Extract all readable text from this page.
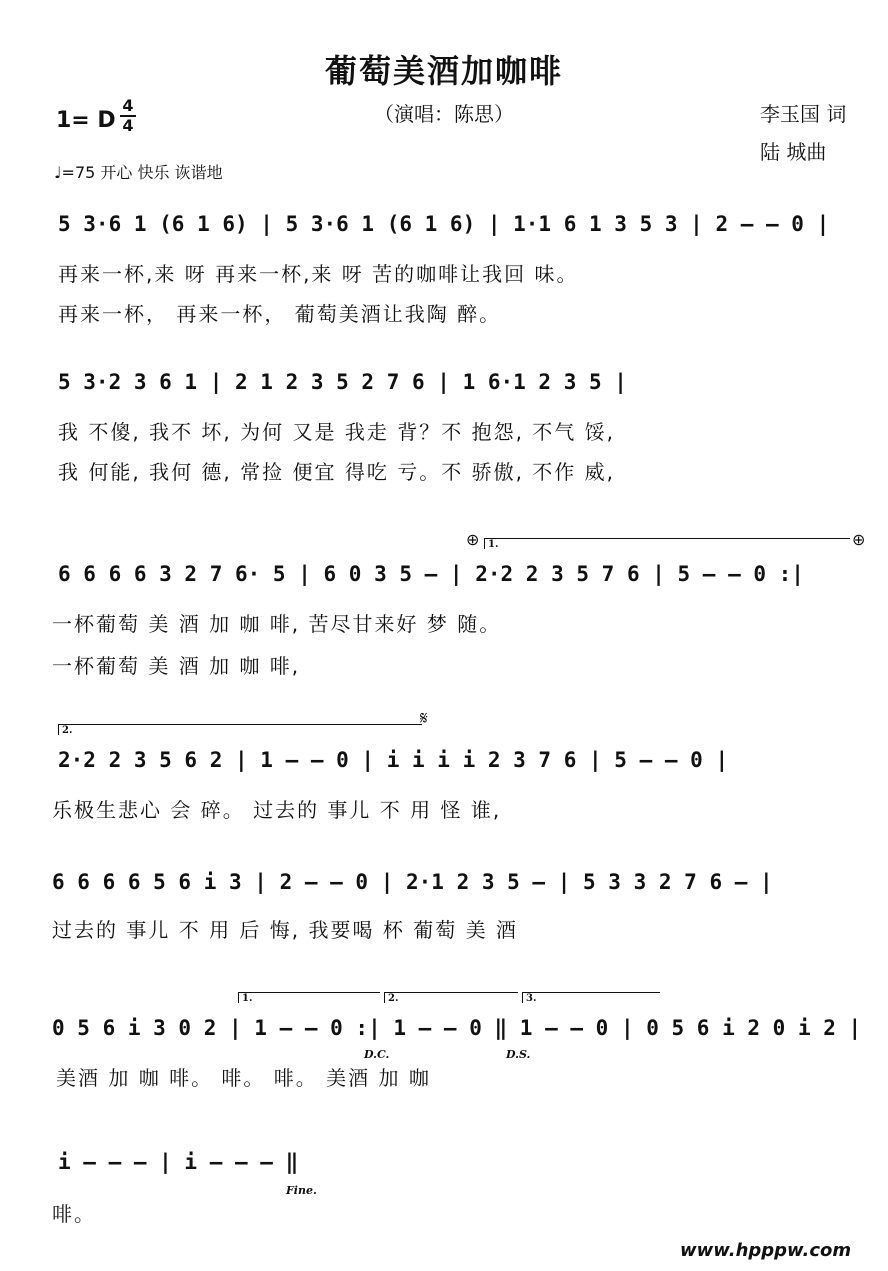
葡萄美酒加咖啡
（演唱：陈思）	李玉国 词
陆 城曲
1= D
4
4
♩=75 开心 快乐 诙谐地
5 3·6 1 (6 1 6) | 5 3·6 1 (6 1 6) | 1·1 6 1 3 5 3 | 2 – – 0 |
再来一杯,来 呀 再来一杯,来 呀 苦的咖啡让我回 味。
再来一杯， 再来一杯， 葡萄美酒让我陶 醉。
5 3·2 3 6 1 | 2 1 2 3 5 2 7 6 | 1 6·1 2 3 5 |
我 不傻, 我不 坏, 为何 又是 我走 背？不 抱怨, 不气 馁,
我 何能, 我何 德, 常捡 便宜 得吃 亏。不 骄傲, 不作 威,
⊕	⊕
1.
6 6 6 6 3 2 7 6· 5 | 6 0 3 5 – | 2·2 2 3 5 7 6 | 5 – – 0 :|
一杯葡萄 美 酒 加 咖 啡, 苦尽甘来好 梦 随。
一杯葡萄 美 酒 加 咖 啡,
2.
𝄋
2·2 2 3 5 6 2 | 1 – – 0 | i i i i 2 3 7 6 | 5 – – 0 |
乐极生悲心 会 碎。 过去的 事儿 不 用 怪 谁,
6 6 6 6 5 6 i 3 | 2 – – 0 | 2·1 2 3 5 – | 5 3 3 2 7 6 – |
过去的 事儿 不 用 后 悔, 我要喝 杯 葡萄 美 酒
1.	2.	3.
0 5 6 i 3 0 2 | 1 – – 0 :| 1 – – 0 ‖ 1 – – 0 | 0 5 6 i 2 0 i 2 |
D.C.	D.S.
美酒 加 咖 啡。 啡。 啡。 美酒 加 咖
i – – – | i – – – ‖
Fine.
啡。
www.hpppw.com
